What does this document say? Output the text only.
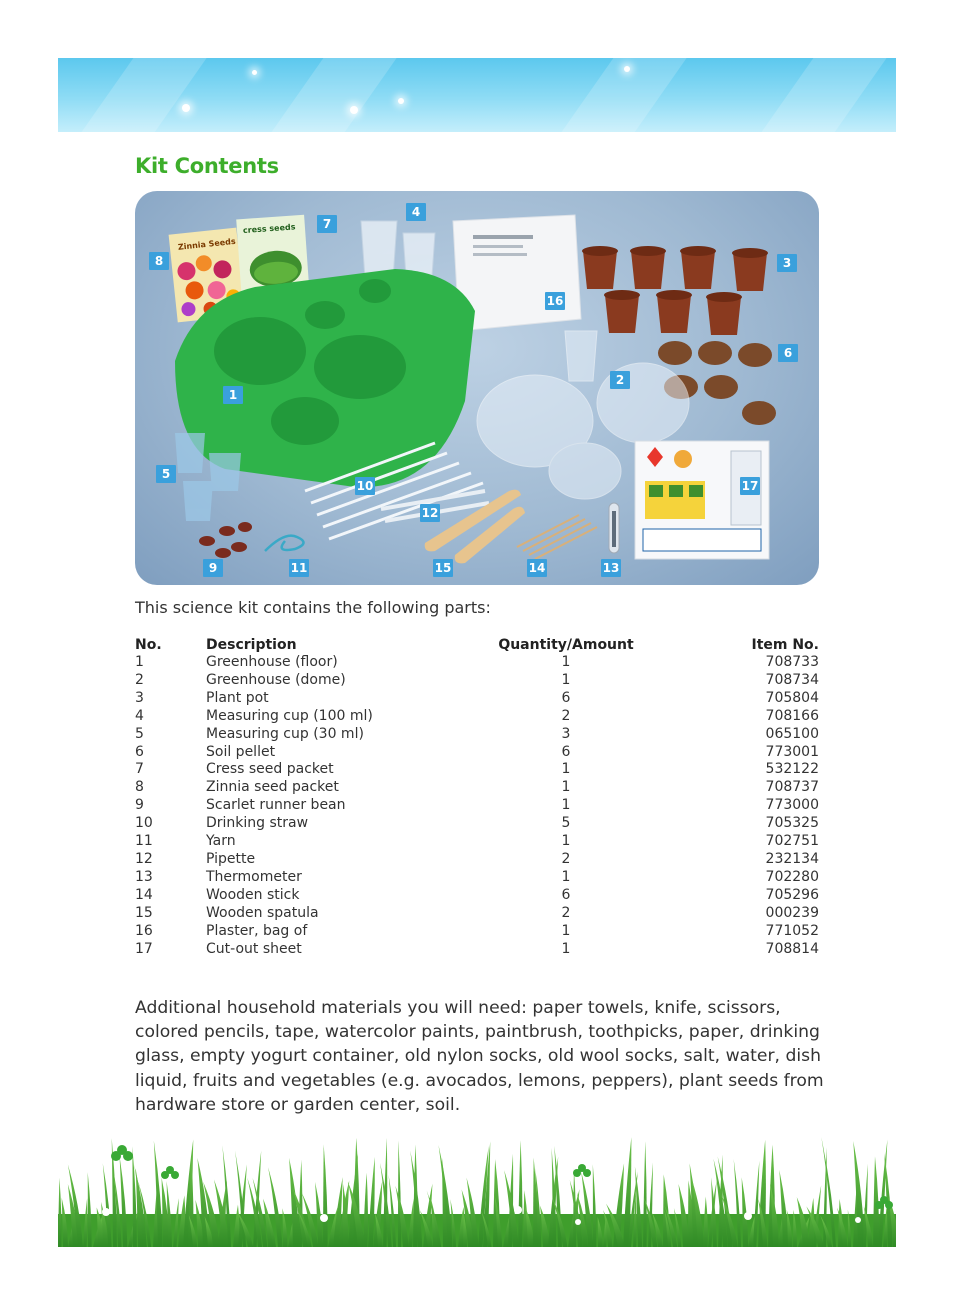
Kit Contents
Zinnia Seeds
cress seeds
4
7
8	3
16
6
1
2
5
10	17
12
9	11	15	14	13

This science kit contains the following parts:

No.	Description	Quantity/Amount	Item No.
1	Greenhouse (floor)	1	708733
2	Greenhouse (dome)	1	708734
3	Plant pot	6	705804
4	Measuring cup (100 ml)	2	708166
5	Measuring cup (30 ml)	3	065100
6	Soil pellet	6	773001
7	Cress seed packet	1	532122
8	Zinnia seed packet	1	708737
9	Scarlet runner bean	1	773000
10	Drinking straw	5	705325
11	Yarn	1	702751
12	Pipette	2	232134
13	Thermometer	1	702280
14	Wooden stick	6	705296
15	Wooden spatula	2	000239
16	Plaster, bag of	1	771052
17	Cut-out sheet	1	708814

Additional household materials you will need: paper towels, knife, scissors, colored pencils, tape, watercolor paints, paintbrush, toothpicks, paper, drinking glass, empty yogurt container, old nylon socks, old wool socks, salt, water, dish liquid, fruits and vegetables (e.g. avocados, lemons, peppers), plant seeds from hardware store or garden center, soil.
